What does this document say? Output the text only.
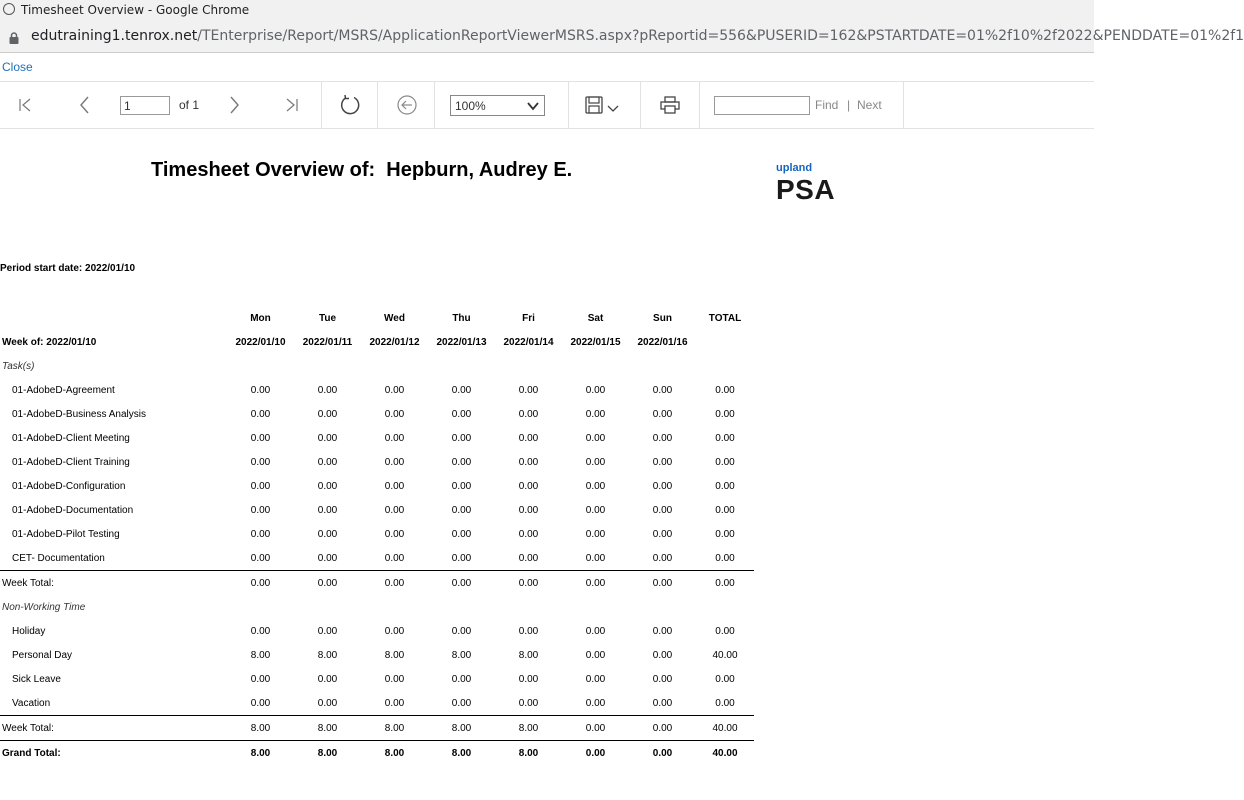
Timesheet Overview - Google Chrome
edutraining1.tenrox.net/TEnterprise/Report/MSRS/ApplicationReportViewerMSRS.aspx?pReportid=556&PUSERID=162&PSTARTDATE=01%2f10%2f2022&PENDDATE=01%2f1
Close
1	of 1	100%	Find | Next
Timesheet Overview of:  Hepburn, Audrey E.	upland
PSA
Period start date: 2022/01/10
	Mon	Tue	Wed	Thu	Fri	Sat	Sun	TOTAL
Week of: 2022/01/10	2022/01/10	2022/01/11	2022/01/12	2022/01/13	2022/01/14	2022/01/15	2022/01/16	
Task(s)								
01-AdobeD-Agreement	0.00	0.00	0.00	0.00	0.00	0.00	0.00	0.00
01-AdobeD-Business Analysis	0.00	0.00	0.00	0.00	0.00	0.00	0.00	0.00
01-AdobeD-Client Meeting	0.00	0.00	0.00	0.00	0.00	0.00	0.00	0.00
01-AdobeD-Client Training	0.00	0.00	0.00	0.00	0.00	0.00	0.00	0.00
01-AdobeD-Configuration	0.00	0.00	0.00	0.00	0.00	0.00	0.00	0.00
01-AdobeD-Documentation	0.00	0.00	0.00	0.00	0.00	0.00	0.00	0.00
01-AdobeD-Pilot Testing	0.00	0.00	0.00	0.00	0.00	0.00	0.00	0.00
CET- Documentation	0.00	0.00	0.00	0.00	0.00	0.00	0.00	0.00
Week Total:	0.00	0.00	0.00	0.00	0.00	0.00	0.00	0.00
Non-Working Time								
Holiday	0.00	0.00	0.00	0.00	0.00	0.00	0.00	0.00
Personal Day	8.00	8.00	8.00	8.00	8.00	0.00	0.00	40.00
Sick Leave	0.00	0.00	0.00	0.00	0.00	0.00	0.00	0.00
Vacation	0.00	0.00	0.00	0.00	0.00	0.00	0.00	0.00
Week Total:	8.00	8.00	8.00	8.00	8.00	0.00	0.00	40.00
Grand Total:	8.00	8.00	8.00	8.00	8.00	0.00	0.00	40.00
